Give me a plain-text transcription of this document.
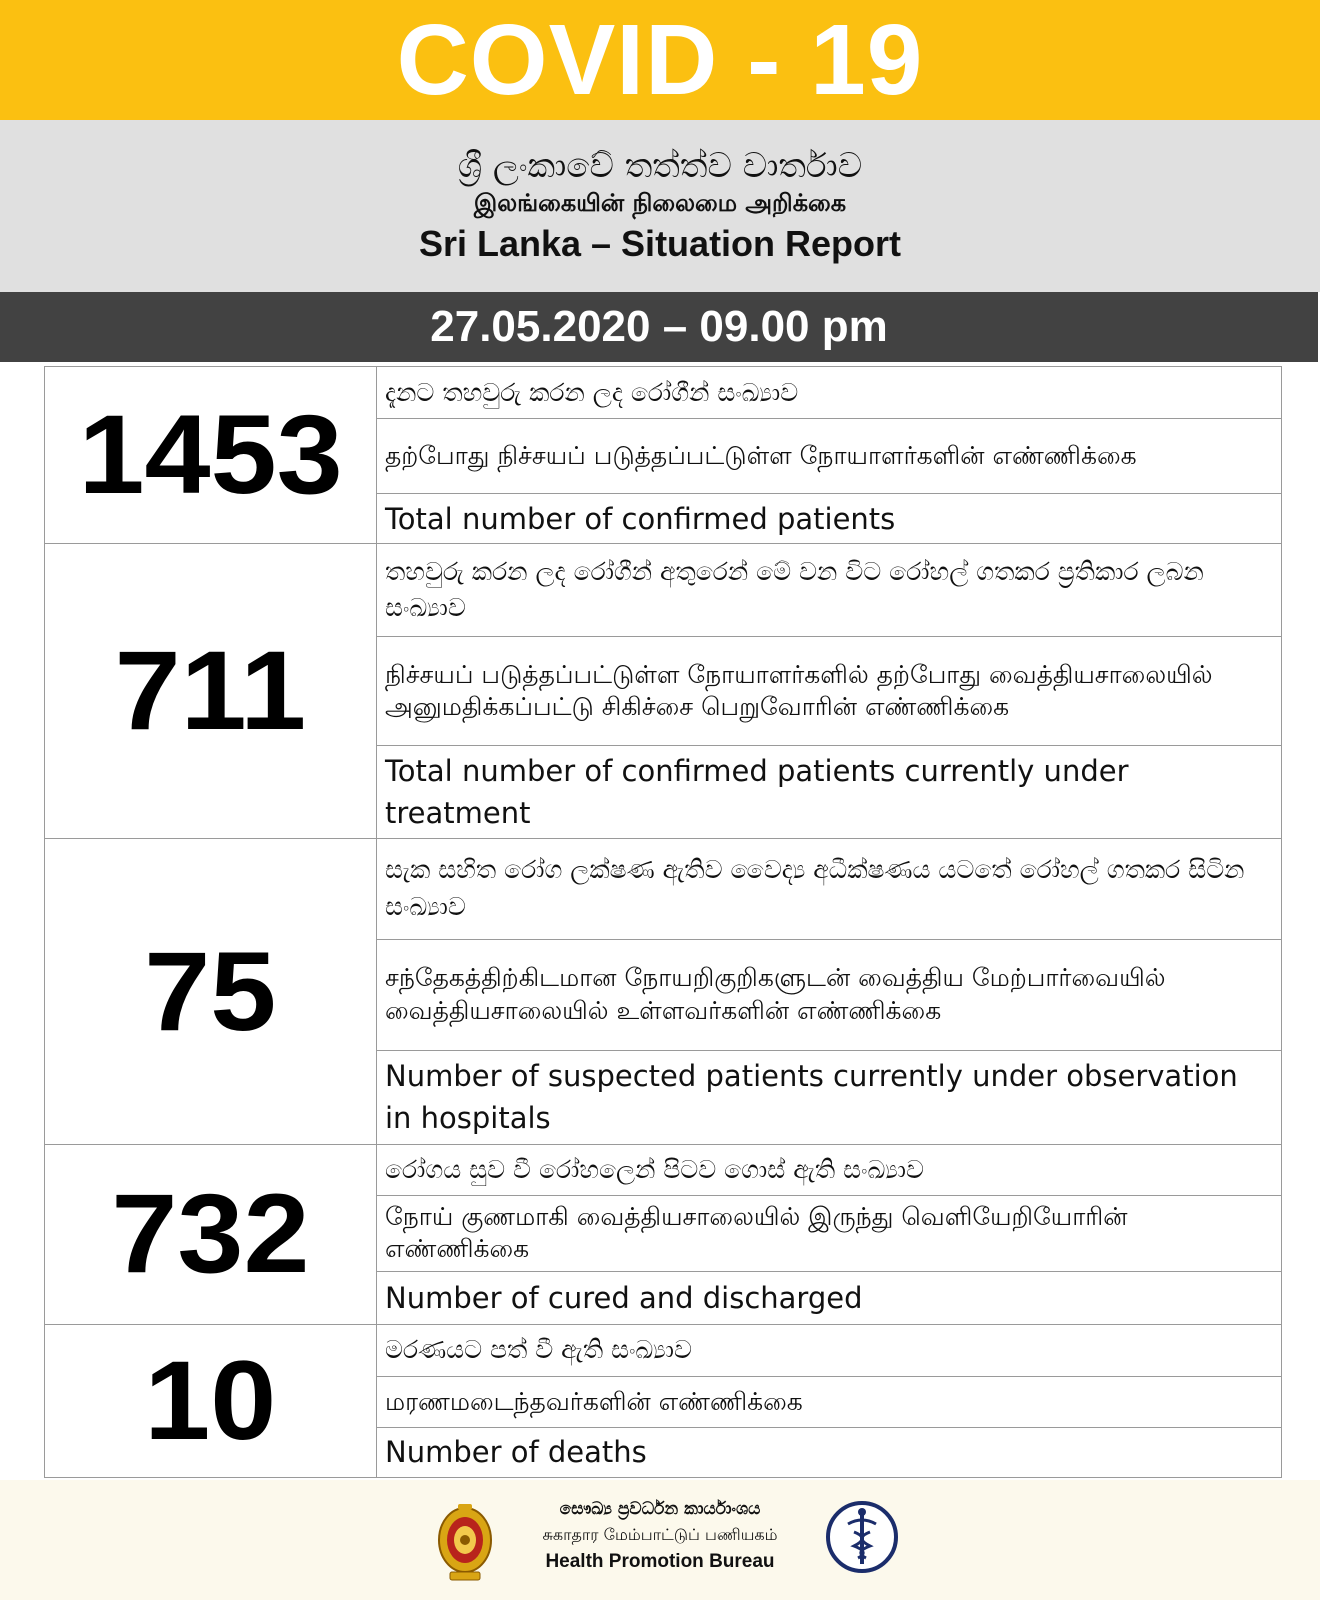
COVID - 19
ශ්‍රී ලංකාවේ තත්ත්ව වාර්තාව
இலங்கையின் நிலைமை அறிக்கை
Sri Lanka – Situation Report
27.05.2020 – 09.00 pm
1453	දැනට තහවුරු කරන ලද රෝගීන් සංඛ්‍යාව
	தற்போது நிச்சயப் படுத்தப்பட்டுள்ள நோயாளர்களின் எண்ணிக்கை
	Total number of confirmed patients
711	තහවුරු කරන ලද රෝගීන් අතුරෙන් මේ වන විට රෝහල් ගතකර ප්‍රතිකාර ලබන සංඛ්‍යාව
	நிச்சயப் படுத்தப்பட்டுள்ள நோயாளர்களில் தற்போது வைத்தியசாலையில் அனுமதிக்கப்பட்டு சிகிச்சை பெறுவோரின் எண்ணிக்கை
	Total number of confirmed patients currently under treatment
75	සැක සහිත රෝග ලක්ෂණ ඇතිව වෛද්‍ය අධීක්ෂණය යටතේ රෝහල් ගතකර සිටින සංඛ්‍යාව
	சந்தேகத்திற்கிடமான நோயறிகுறிகளுடன் வைத்திய மேற்பார்வையில் வைத்தியசாலையில் உள்ளவர்களின் எண்ணிக்கை
	Number of suspected patients currently under observation in hospitals
732	රෝගය සුව වී රෝහලෙන් පිටව ගොස් ඇති සංඛ්‍යාව
	நோய் குணமாகி வைத்தியசாலையில் இருந்து வெளியேறியோரின் எண்ணிக்கை
	Number of cured and discharged
10	මරණයට පත් වී ඇති සංඛ්‍යාව
	மரணமடைந்தவர்களின் எண்ணிக்கை
	Number of deaths
සෞඛ්‍ය ප්‍රවර්ධන කාර්යාංශය
சுகாதார மேம்பாட்டுப் பணியகம்
Health Promotion Bureau
